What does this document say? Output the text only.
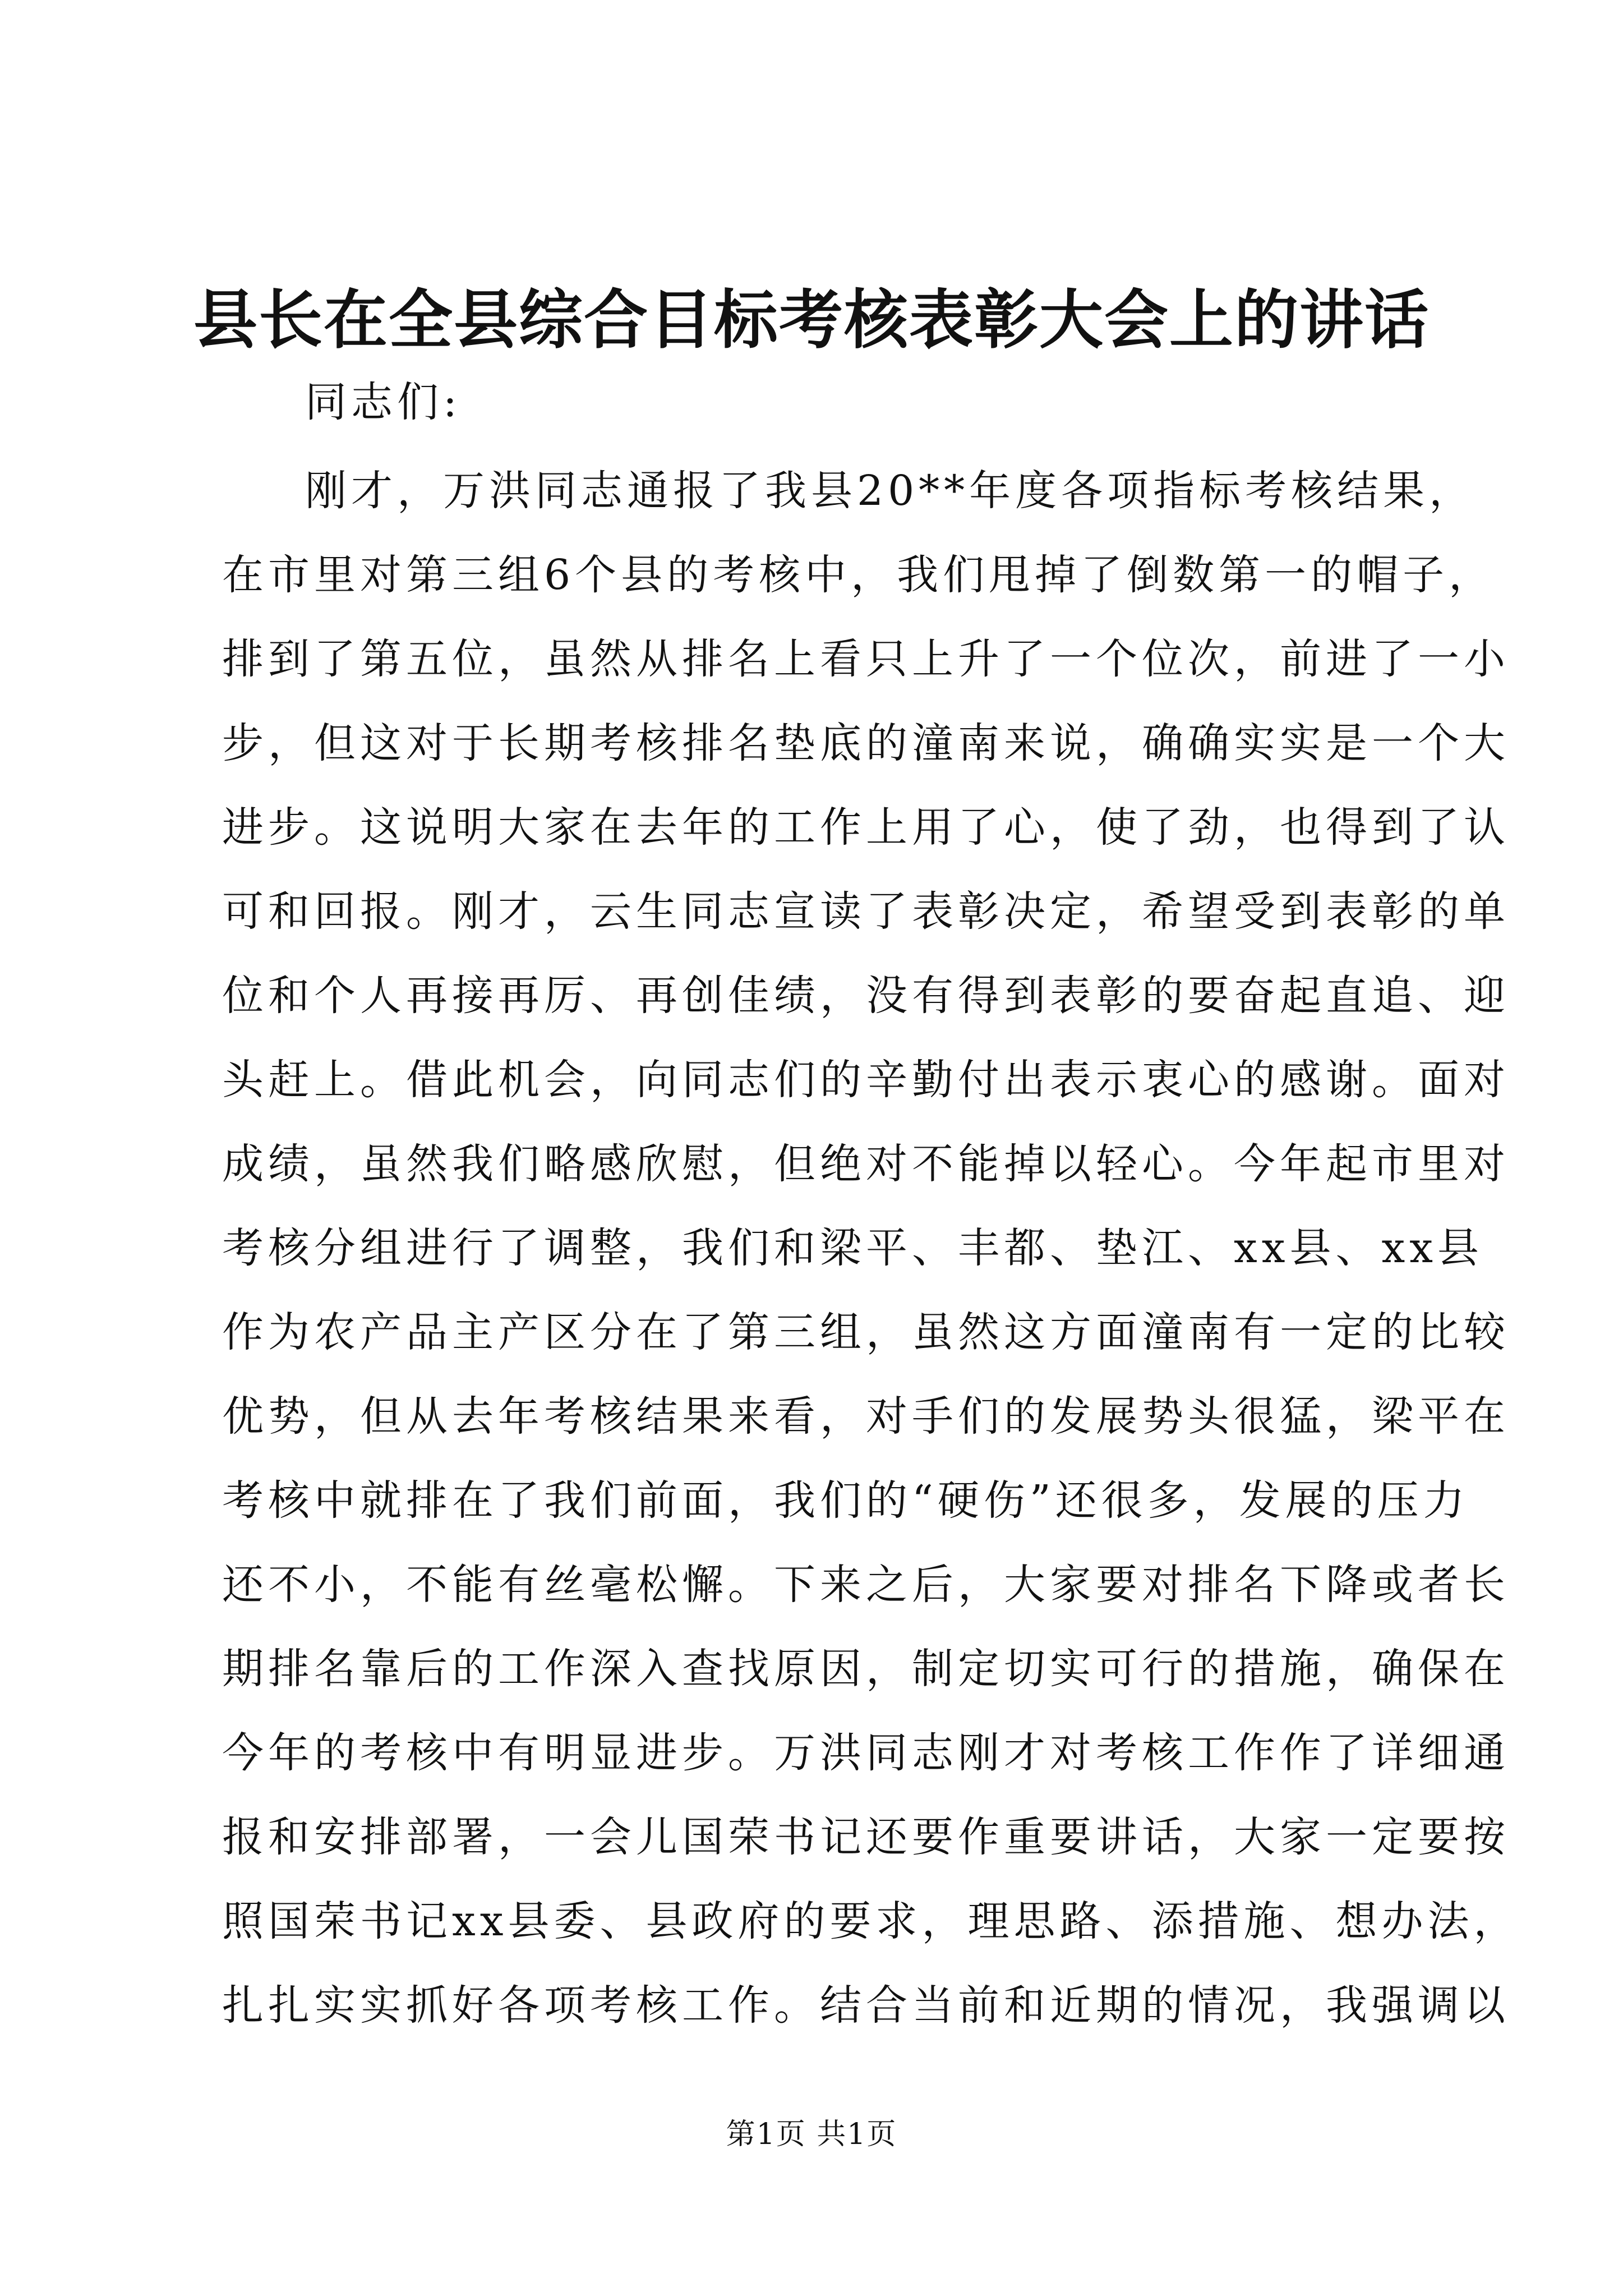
县长在全县综合目标考核表彰大会上的讲话
同志们:
刚才，万洪同志通报了我县20**年度各项指标考核结果，
在市里对第三组6个县的考核中，我们甩掉了倒数第一的帽子，
排到了第五位，虽然从排名上看只上升了一个位次，前进了一小
步，但这对于长期考核排名垫底的潼南来说，确确实实是一个大
进步。这说明大家在去年的工作上用了心，使了劲，也得到了认
可和回报。刚才，云生同志宣读了表彰决定，希望受到表彰的单
位和个人再接再厉、再创佳绩，没有得到表彰的要奋起直追、迎
头赶上。借此机会，向同志们的辛勤付出表示衷心的感谢。面对
成绩，虽然我们略感欣慰，但绝对不能掉以轻心。今年起市里对
考核分组进行了调整，我们和梁平、丰都、垫江、xx县、xx县
作为农产品主产区分在了第三组，虽然这方面潼南有一定的比较
优势，但从去年考核结果来看，对手们的发展势头很猛，梁平在
考核中就排在了我们前面，我们的“硬伤”还很多，发展的压力
还不小，不能有丝毫松懈。下来之后，大家要对排名下降或者长
期排名靠后的工作深入查找原因，制定切实可行的措施，确保在
今年的考核中有明显进步。万洪同志刚才对考核工作作了详细通
报和安排部署，一会儿国荣书记还要作重要讲话，大家一定要按
照国荣书记xx县委、县政府的要求，理思路、添措施、想办法，
扎扎实实抓好各项考核工作。结合当前和近期的情况，我强调以
第1页 共1页
